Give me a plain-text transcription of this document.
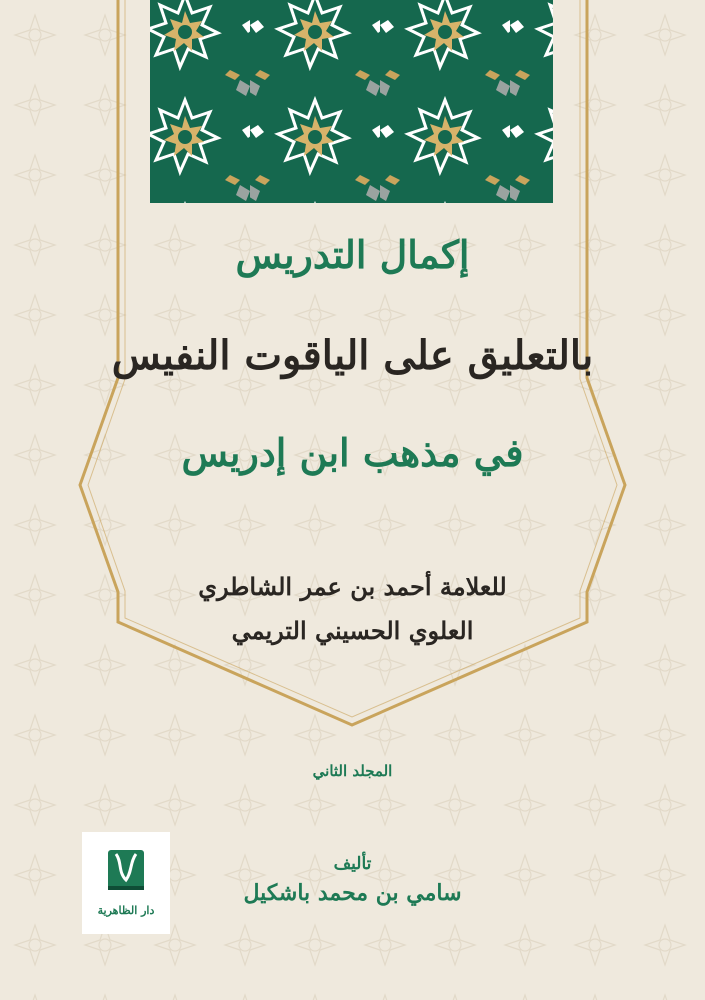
إكمال التدريس
بالتعليق على الياقوت النفيس
في مذهب ابن إدريس
للعلامة أحمد بن عمر الشاطري
العلوي الحسيني التريمي
المجلد الثاني
تأليف
سامي بن محمد باشكيل
دار الظاهرية
